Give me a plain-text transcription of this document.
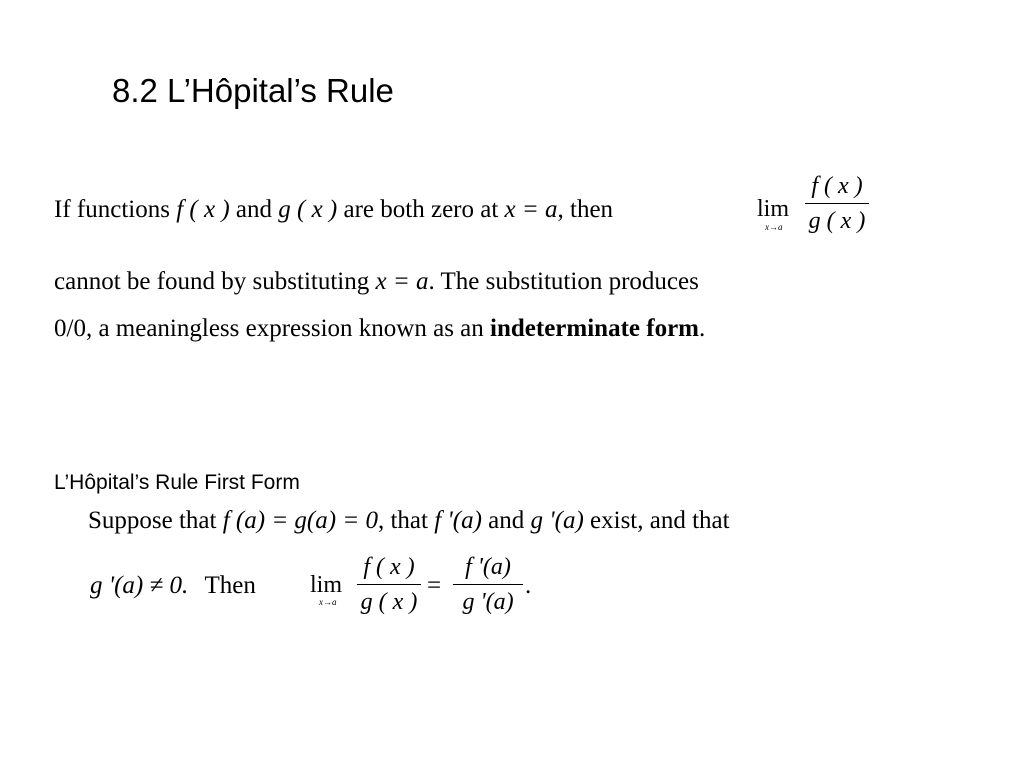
8.2 L’Hôpital’s Rule
If functions f ( x ) and g ( x ) are both zero at x = a, then	lim
x→a
f ( x )
g ( x )
cannot be found by substituting x = a. The substitution produces
0/0, a meaningless expression known as an indeterminate form.
L’Hôpital’s Rule First Form
Suppose that f (a) = g(a) = 0, that f '(a) and g '(a) exist, and that
g '(a) ≠ 0. Then lim
x→a
f ( x )
g ( x )
=
f '(a)
g '(a)
.
